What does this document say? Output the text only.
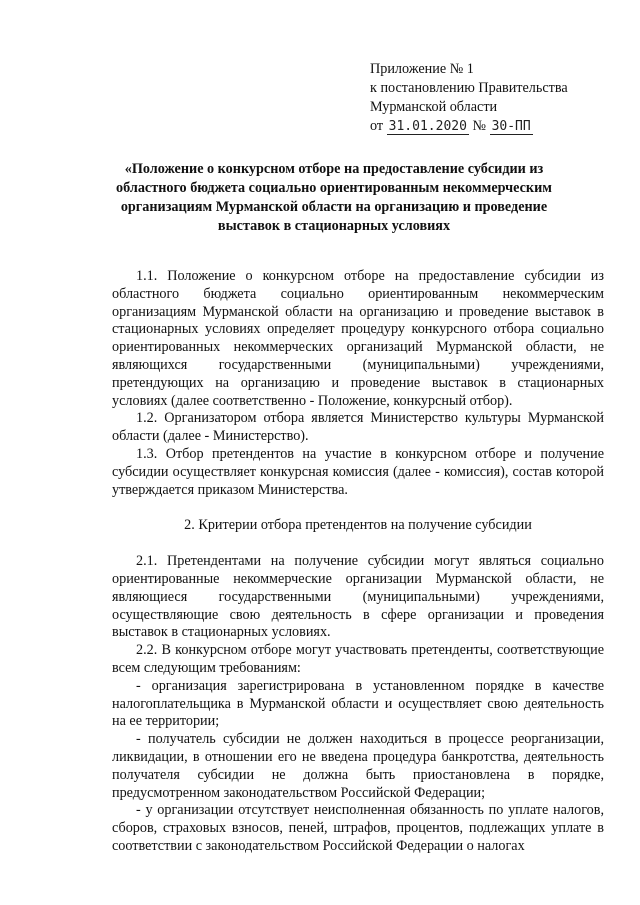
Приложение № 1
к постановлению Правительства
Мурманской области
от 31.01.2020 № 30-ПП
«Положение о конкурсном отборе на предоставление субсидии из областного бюджета социально ориентированным некоммерческим организациям Мурманской области на организацию и проведение выставок в стационарных условиях

1.1. Положение о конкурсном отборе на предоставление субсидии из областного бюджета социально ориентированным некоммерческим организациям Мурманской области на организацию и проведение выставок в стационарных условиях определяет процедуру конкурсного отбора социально ориентированных некоммерческих организаций Мурманской области, не являющихся государственными (муниципальными) учреждениями, претендующих на организацию и проведение выставок в стационарных условиях (далее соответственно - Положение, конкурсный отбор).

1.2. Организатором отбора является Министерство культуры Мурманской области (далее - Министерство).

1.3. Отбор претендентов на участие в конкурсном отборе и получение субсидии осуществляет конкурсная комиссия (далее - комиссия), состав которой утверждается приказом Министерства.

2. Критерии отбора претендентов на получение субсидии

2.1. Претендентами на получение субсидии могут являться социально ориентированные некоммерческие организации Мурманской области, не являющиеся государственными (муниципальными) учреждениями, осуществляющие свою деятельность в сфере организации и проведения выставок в стационарных условиях.

2.2. В конкурсном отборе могут участвовать претенденты, соответствующие всем следующим требованиям:

- организация зарегистрирована в установленном порядке в качестве налогоплательщика в Мурманской области и осуществляет свою деятельность на ее территории;

- получатель субсидии не должен находиться в процессе реорганизации, ликвидации, в отношении его не введена процедура банкротства, деятельность получателя субсидии не должна быть приостановлена в порядке, предусмотренном законодательством Российской Федерации;

- у организации отсутствует неисполненная обязанность по уплате налогов, сборов, страховых взносов, пеней, штрафов, процентов, подлежащих уплате в соответствии с законодательством Российской Федерации о налогах
